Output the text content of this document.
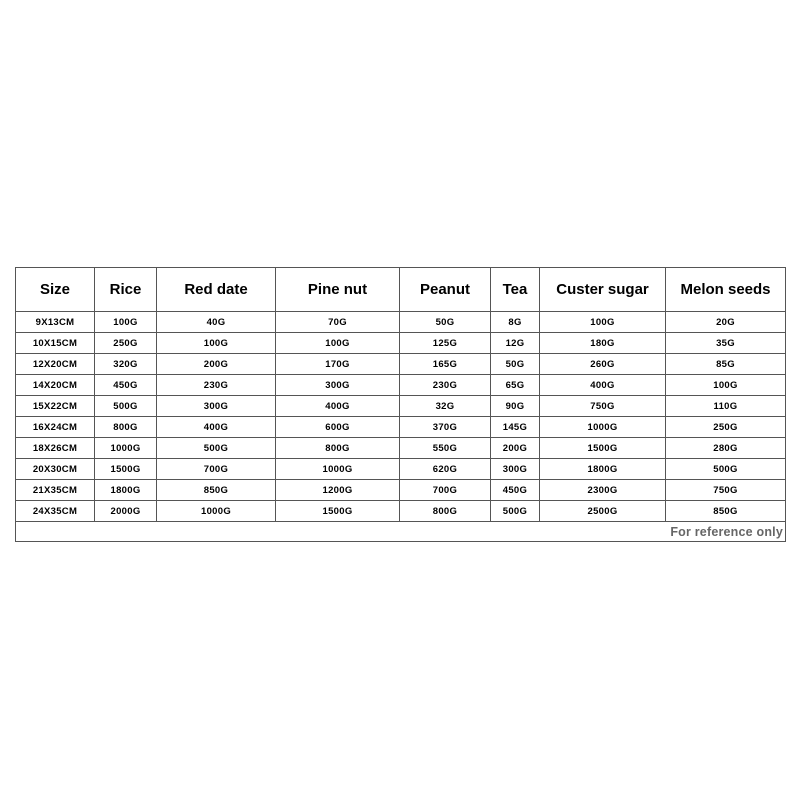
Size	Rice	Red date	Pine nut	Peanut	Tea	Custer sugar	Melon seeds
9X13CM	100G	40G	70G	50G	8G	100G	20G
10X15CM	250G	100G	100G	125G	12G	180G	35G
12X20CM	320G	200G	170G	165G	50G	260G	85G
14X20CM	450G	230G	300G	230G	65G	400G	100G
15X22CM	500G	300G	400G	32G	90G	750G	110G
16X24CM	800G	400G	600G	370G	145G	1000G	250G
18X26CM	1000G	500G	800G	550G	200G	1500G	280G
20X30CM	1500G	700G	1000G	620G	300G	1800G	500G
21X35CM	1800G	850G	1200G	700G	450G	2300G	750G
24X35CM	2000G	1000G	1500G	800G	500G	2500G	850G
For reference only							
